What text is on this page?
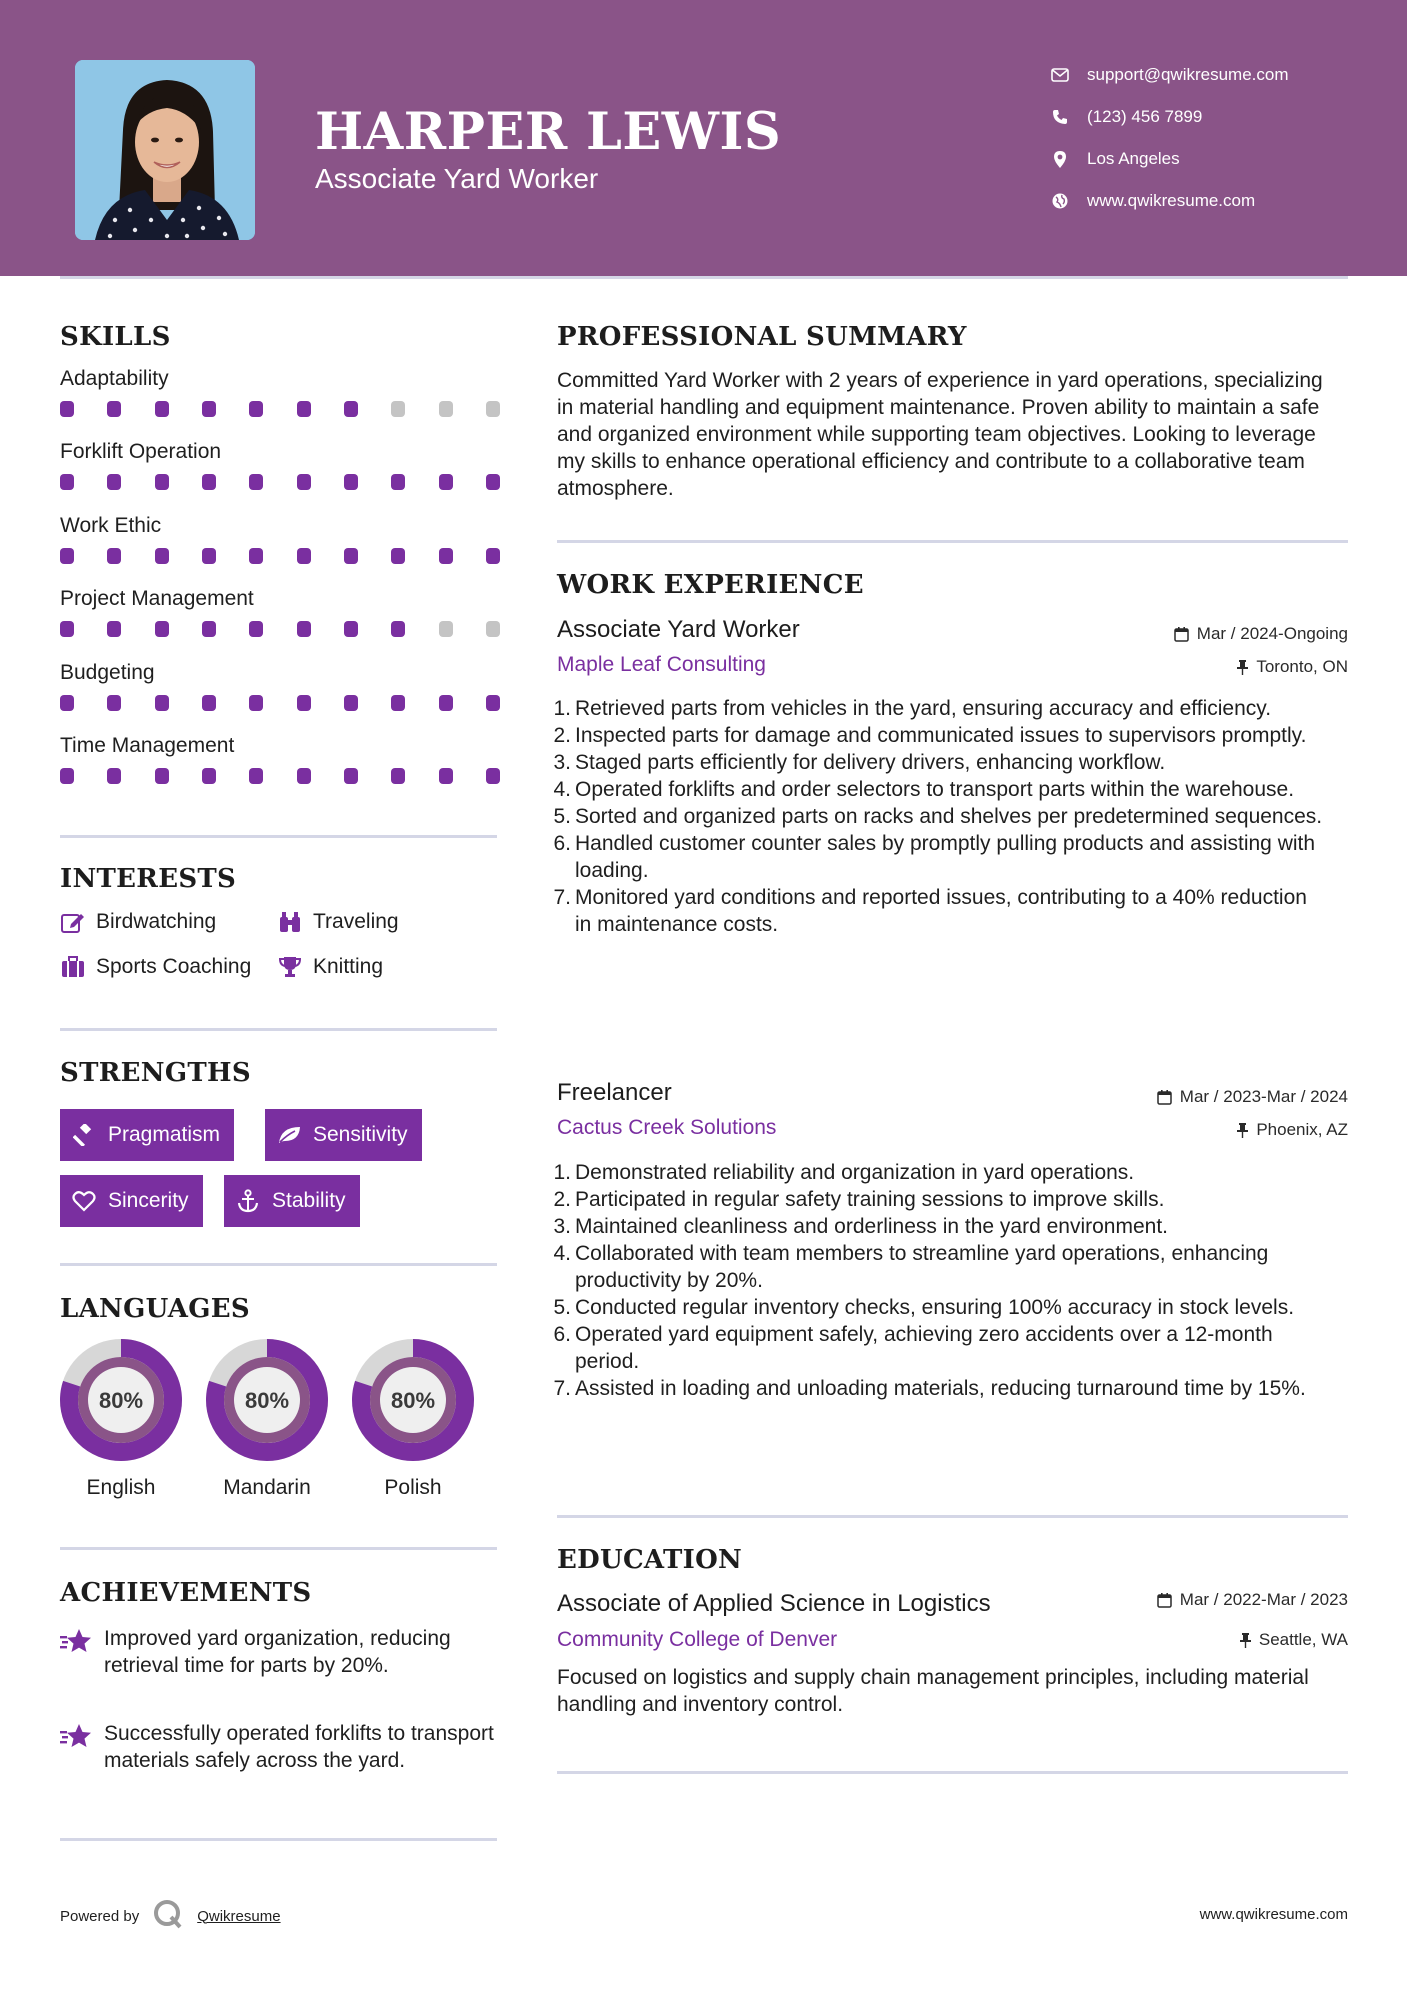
HARPER LEWIS
Associate Yard Worker
support@qwikresume.com
(123) 456 7899
Los Angeles
www.qwikresume.com
SKILLS
Adaptability
Forklift Operation
Work Ethic
Project Management
Budgeting
Time Management
INTERESTS
Birdwatching	Traveling
Sports Coaching	Knitting
STRENGTHS
Pragmatism	Sensitivity
Sincerity	Stability
LANGUAGES
80%
English
80%
Mandarin
80%
Polish
ACHIEVEMENTS
Improved yard organization, reducing retrieval time for parts by 20%.
Successfully operated forklifts to transport materials safely across the yard.
PROFESSIONAL SUMMARY
Committed Yard Worker with 2 years of experience in yard operations, specializing in material handling and equipment maintenance. Proven ability to maintain a safe and organized environment while supporting team objectives. Looking to leverage my skills to enhance operational efficiency and contribute to a collaborative team atmosphere.
WORK EXPERIENCE
Associate Yard Worker	Mar / 2024-Ongoing
Maple Leaf Consulting	Toronto, ON
1. Retrieved parts from vehicles in the yard, ensuring accuracy and efficiency.
2. Inspected parts for damage and communicated issues to supervisors promptly.
3. Staged parts efficiently for delivery drivers, enhancing workflow.
4. Operated forklifts and order selectors to transport parts within the warehouse.
5. Sorted and organized parts on racks and shelves per predetermined sequences.
6. Handled customer counter sales by promptly pulling products and assisting with loading.
7. Monitored yard conditions and reported issues, contributing to a 40% reduction in maintenance costs.
Freelancer	Mar / 2023-Mar / 2024
Cactus Creek Solutions	Phoenix, AZ
1. Demonstrated reliability and organization in yard operations.
2. Participated in regular safety training sessions to improve skills.
3. Maintained cleanliness and orderliness in the yard environment.
4. Collaborated with team members to streamline yard operations, enhancing productivity by 20%.
5. Conducted regular inventory checks, ensuring 100% accuracy in stock levels.
6. Operated yard equipment safely, achieving zero accidents over a 12-month period.
7. Assisted in loading and unloading materials, reducing turnaround time by 15%.
EDUCATION
Associate of Applied Science in Logistics	Mar / 2022-Mar / 2023
Community College of Denver	Seattle, WA
Focused on logistics and supply chain management principles, including material handling and inventory control.
Powered by	Qwikresume	www.qwikresume.com
